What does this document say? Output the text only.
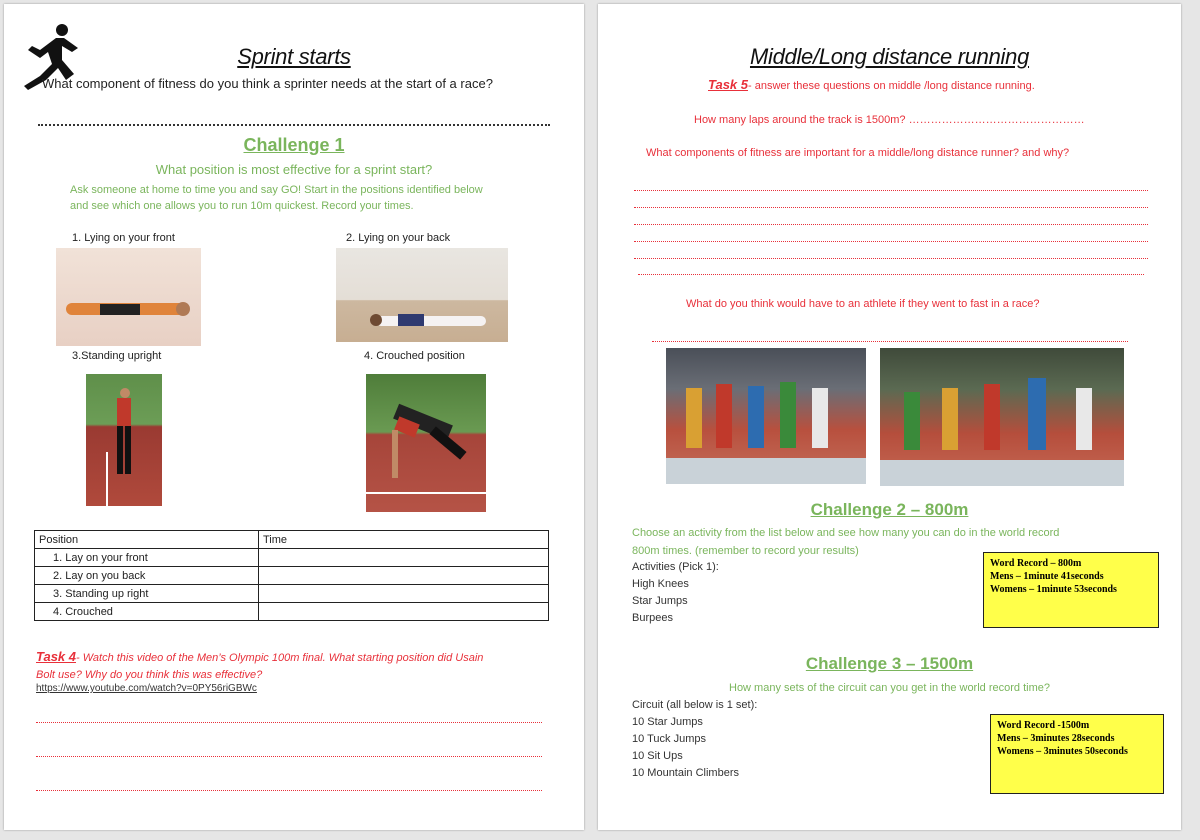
Sprint starts
What component of fitness do you think a sprinter needs at the start of a race?
Challenge 1
What position is most effective for a sprint start?
Ask someone at home to time you and say GO! Start in the positions identified below
and see which one allows you to run 10m quickest. Record your times.
1. Lying on your front	2. Lying on your back
3.Standing upright	4. Crouched position
Position	Time
1. Lay on your front	
2. Lay on you back	
3. Standing up right	
4. Crouched	
Task 4- Watch this video of the Men’s Olympic 100m final. What starting position did Usain
Bolt use? Why do you think this was effective?
https://www.youtube.com/watch?v=0PY56riGBWc
Middle/Long distance running
Task 5- answer these questions on middle /long distance running.
How many laps around the track is 1500m? …………………………………………
What components of fitness are important for a middle/long distance runner? and why?
What do you think would have to an athlete if they went to fast in a race?
Challenge 2 – 800m
Choose an activity from the list below and see how many you can do in the world record
800m times. (remember to record your results)
Activities (Pick 1):
High Knees
Star Jumps
Burpees
Word Record – 800m
Mens – 1minute 41seconds
Womens – 1minute 53seconds
Challenge 3 – 1500m
How many sets of the circuit can you get in the world record time?
Circuit (all below is 1 set):
10 Star Jumps
10 Tuck Jumps
10 Sit Ups
10 Mountain Climbers
Word Record -1500m
Mens – 3minutes 28seconds
Womens – 3minutes 50seconds
